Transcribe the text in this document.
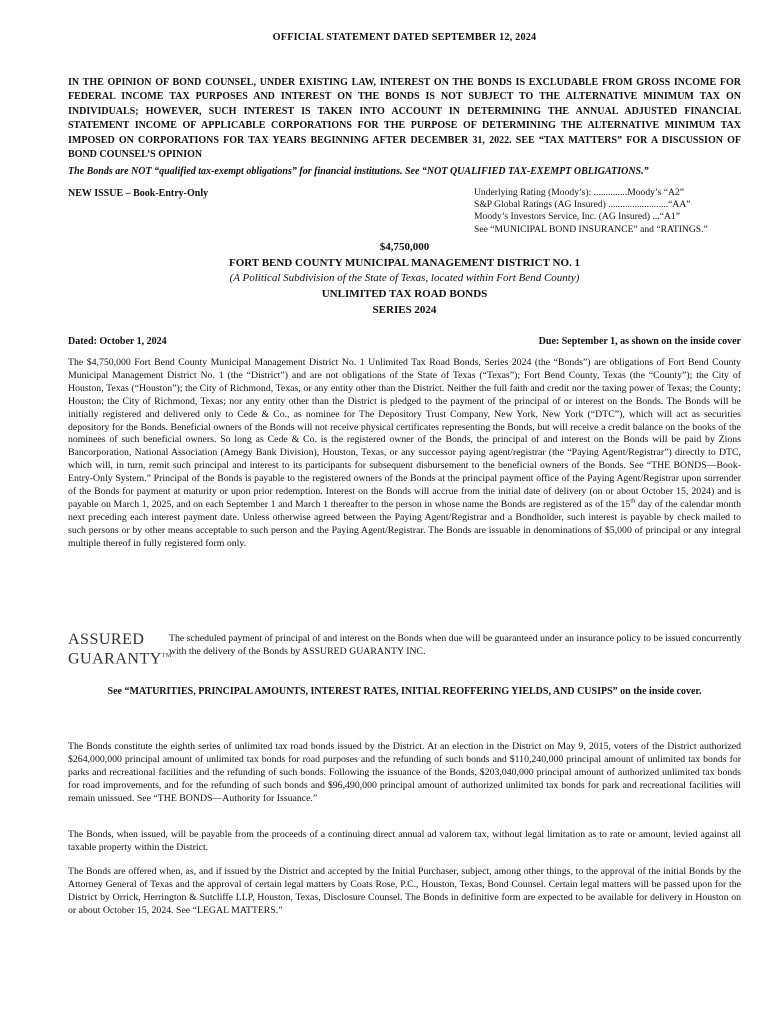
OFFICIAL STATEMENT DATED SEPTEMBER 12, 2024
IN THE OPINION OF BOND COUNSEL, UNDER EXISTING LAW, INTEREST ON THE BONDS IS EXCLUDABLE FROM GROSS INCOME FOR FEDERAL INCOME TAX PURPOSES AND INTEREST ON THE BONDS IS NOT SUBJECT TO THE ALTERNATIVE MINIMUM TAX ON INDIVIDUALS; HOWEVER, SUCH INTEREST IS TAKEN INTO ACCOUNT IN DETERMINING THE ANNUAL ADJUSTED FINANCIAL STATEMENT INCOME OF APPLICABLE CORPORATIONS FOR THE PURPOSE OF DETERMINING THE ALTERNATIVE MINIMUM TAX IMPOSED ON CORPORATIONS FOR TAX YEARS BEGINNING AFTER DECEMBER 31, 2022. SEE “TAX MATTERS” FOR A DISCUSSION OF BOND COUNSEL’S OPINION
The Bonds are NOT “qualified tax-exempt obligations” for financial institutions. See “NOT QUALIFIED TAX-EXEMPT OBLIGATIONS.”
NEW ISSUE – Book-Entry-Only	Underlying Rating (Moody’s): ..............Moody’s “A2”
S&P Global Ratings (AG Insured) .........................“AA”
Moody’s Investors Service, Inc. (AG Insured) ...“A1”
See “MUNICIPAL BOND INSURANCE” and “RATINGS.”
$4,750,000
FORT BEND COUNTY MUNICIPAL MANAGEMENT DISTRICT NO. 1
(A Political Subdivision of the State of Texas, located within Fort Bend County)
UNLIMITED TAX ROAD BONDS
SERIES 2024
Dated: October 1, 2024	Due: September 1, as shown on the inside cover
The $4,750,000 Fort Bend County Municipal Management District No. 1 Unlimited Tax Road Bonds, Series 2024 (the “Bonds”) are obligations of Fort Bend County Municipal Management District No. 1 (the “District”) and are not obligations of the State of Texas (“Texas”); Fort Bend County, Texas (the “County”); the City of Houston, Texas (“Houston”); the City of Richmond, Texas, or any entity other than the District. Neither the full faith and credit nor the taxing power of Texas; the County; Houston; the City of Richmond, Texas; nor any entity other than the District is pledged to the payment of the principal of or interest on the Bonds. The Bonds will be initially registered and delivered only to Cede & Co., as nominee for The Depository Trust Company, New York, New York (“DTC”), which will act as securities depository for the Bonds. Beneficial owners of the Bonds will not receive physical certificates representing the Bonds, but will receive a credit balance on the books of the nominees of such beneficial owners. So long as Cede & Co. is the registered owner of the Bonds, the principal of and interest on the Bonds will be paid by Zions Bancorporation, National Association (Amegy Bank Division), Houston, Texas, or any successor paying agent/registrar (the “Paying Agent/Registrar”) directly to DTC, which will, in turn, remit such principal and interest to its participants for subsequent disbursement to the beneficial owners of the Bonds. See “THE BONDS—Book-Entry-Only System.” Principal of the Bonds is payable to the registered owners of the Bonds at the principal payment office of the Paying Agent/Registrar upon surrender of the Bonds for payment at maturity or upon prior redemption. Interest on the Bonds will accrue from the initial date of delivery (on or about October 15, 2024) and is payable on March 1, 2025, and on each September 1 and March 1 thereafter to the person in whose name the Bonds are registered as of the 15th day of the calendar month next preceding each interest payment date. Unless otherwise agreed between the Paying Agent/Registrar and a Bondholder, such interest is payable by check mailed to such persons or by other means acceptable to such person and the Paying Agent/Registrar. The Bonds are issuable in denominations of $5,000 of principal or any integral multiple thereof in fully registered form only.
ASSURED
GUARANTY™
The scheduled payment of principal of and interest on the Bonds when due will be guaranteed under an insurance policy to be issued concurrently with the delivery of the Bonds by ASSURED GUARANTY INC.
See “MATURITIES, PRINCIPAL AMOUNTS, INTEREST RATES, INITIAL REOFFERING YIELDS, AND CUSIPS” on the inside cover.
The Bonds constitute the eighth series of unlimited tax road bonds issued by the District. At an election in the District on May 9, 2015, voters of the District authorized $264,000,000 principal amount of unlimited tax bonds for road purposes and the refunding of such bonds and $110,240,000 principal amount of unlimited tax bonds for parks and recreational facilities and the refunding of such bonds. Following the issuance of the Bonds, $203,040,000 principal amount of authorized unlimited tax bonds for road improvements, and for the refunding of such bonds and $96,490,000 principal amount of authorized unlimited tax bonds for park and recreational facilities will remain unissued. See “THE BONDS—Authority for Issuance.”
The Bonds, when issued, will be payable from the proceeds of a continuing direct annual ad valorem tax, without legal limitation as to rate or amount, levied against all taxable property within the District.
The Bonds are offered when, as, and if issued by the District and accepted by the Initial Purchaser, subject, among other things, to the approval of the initial Bonds by the Attorney General of Texas and the approval of certain legal matters by Coats Rose, P.C., Houston, Texas, Bond Counsel. Certain legal matters will be passed upon for the District by Orrick, Herrington & Sutcliffe LLP, Houston, Texas, Disclosure Counsel. The Bonds in definitive form are expected to be available for delivery in Houston on or about October 15, 2024. See “LEGAL MATTERS.”
